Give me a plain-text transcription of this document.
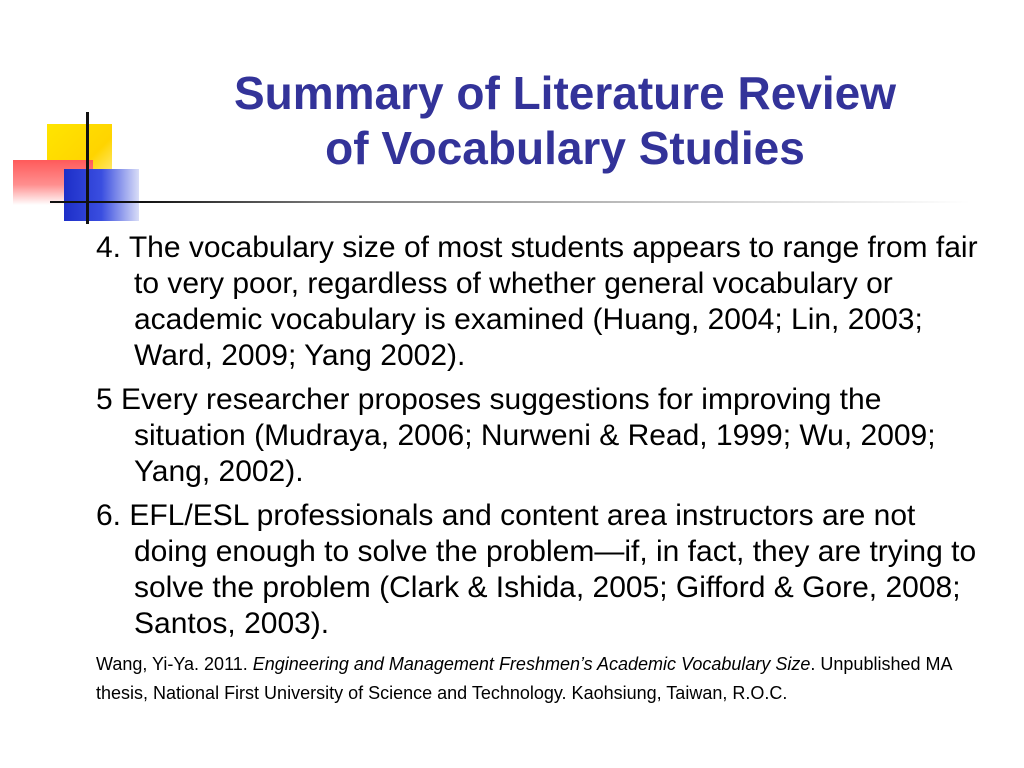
Summary of Literature Review
of Vocabulary Studies

4. The vocabulary size of most students appears to range from fair to very poor, regardless of whether general vocabulary or academic vocabulary is examined (Huang, 2004; Lin, 2003; Ward, 2009; Yang 2002).

5 Every researcher proposes suggestions for improving the situation (Mudraya, 2006; Nurweni & Read, 1999; Wu, 2009; Yang, 2002).

6. EFL/ESL professionals and content area instructors are not doing enough to solve the problem—if, in fact, they are trying to solve the problem (Clark & Ishida, 2005; Gifford & Gore, 2008; Santos, 2003).

Wang, Yi-Ya. 2011. Engineering and Management Freshmen’s Academic Vocabulary Size. Unpublished MA thesis, National First University of Science and Technology. Kaohsiung, Taiwan, R.O.C.
